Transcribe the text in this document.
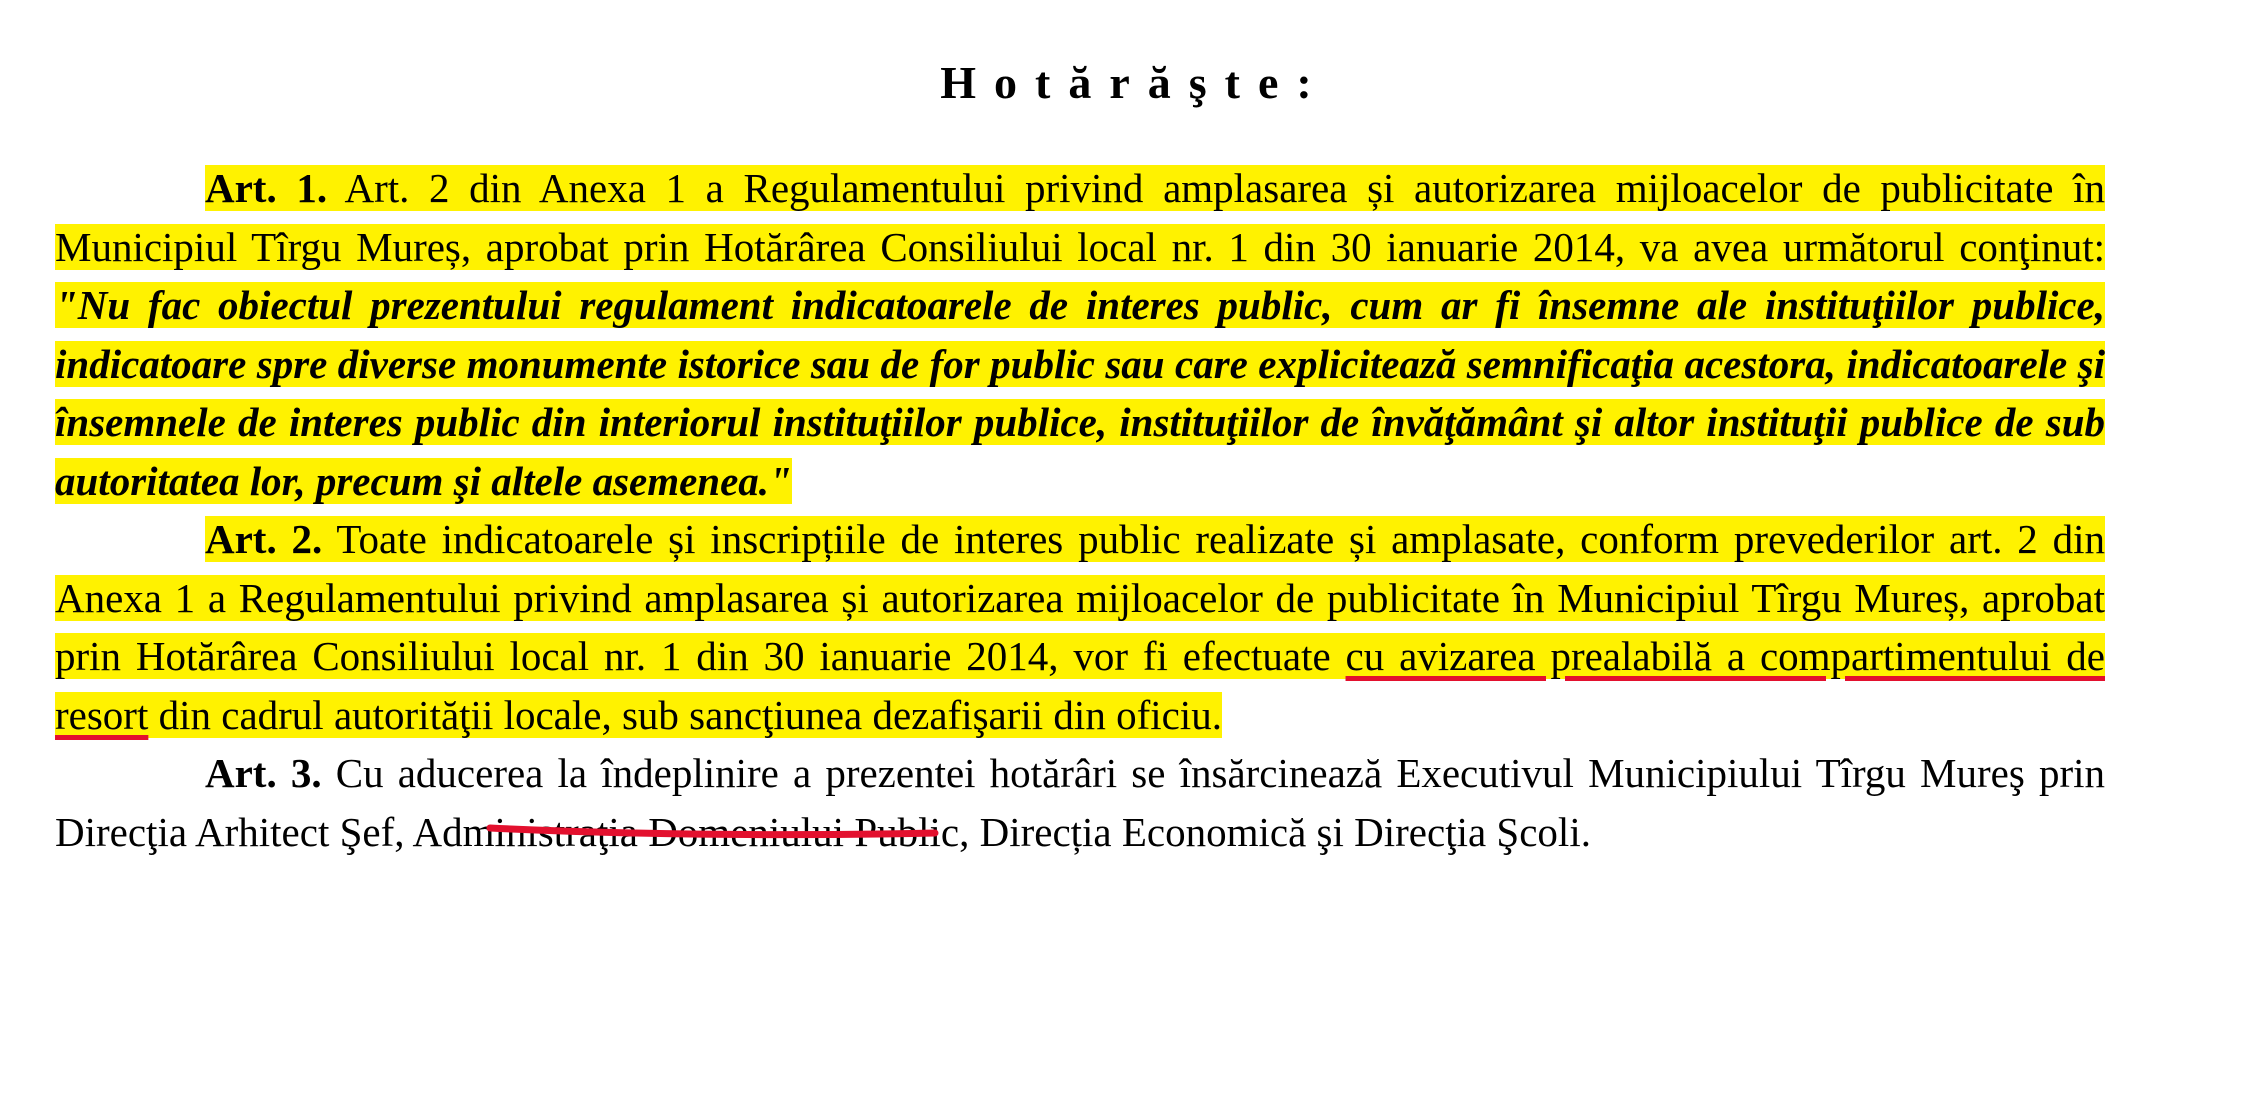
Hotărăşte:

Art. 1. Art. 2 din Anexa 1 a Regulamentului privind amplasarea și autorizarea mijloacelor de publicitate în Municipiul Tîrgu Mureș, aprobat prin Hotărârea Consiliului local nr. 1 din 30 ianuarie 2014, va avea următorul conţinut: "Nu fac obiectul prezentului regulament indicatoarele de interes public, cum ar fi însemne ale instituţiilor publice, indicatoare spre diverse monumente istorice sau de for public sau care explicitează semnificaţia acestora, indicatoarele şi însemnele de interes public din interiorul instituţiilor publice, instituţiilor de învăţământ şi altor instituţii publice de sub autoritatea lor, precum şi altele asemenea."

Art. 2. Toate indicatoarele și inscripțiile de interes public realizate și amplasate, conform prevederilor art. 2 din Anexa 1 a Regulamentului privind amplasarea și autorizarea mijloacelor de publicitate în Municipiul Tîrgu Mureș, aprobat prin Hotărârea Consiliului local nr. 1 din 30 ianuarie 2014, vor fi efectuate cu avizarea prealabilă a compartimentului de resort din cadrul autorităţii locale, sub sancţiunea dezafişarii din oficiu.

Art. 3. Cu aducerea la îndeplinire a prezentei hotărâri se însărcinează Executivul Municipiului Tîrgu Mureş prin Direcţia Arhitect Şef, Administraţia Domeniului Public, Direcția Economică şi Direcţia Şcoli.
